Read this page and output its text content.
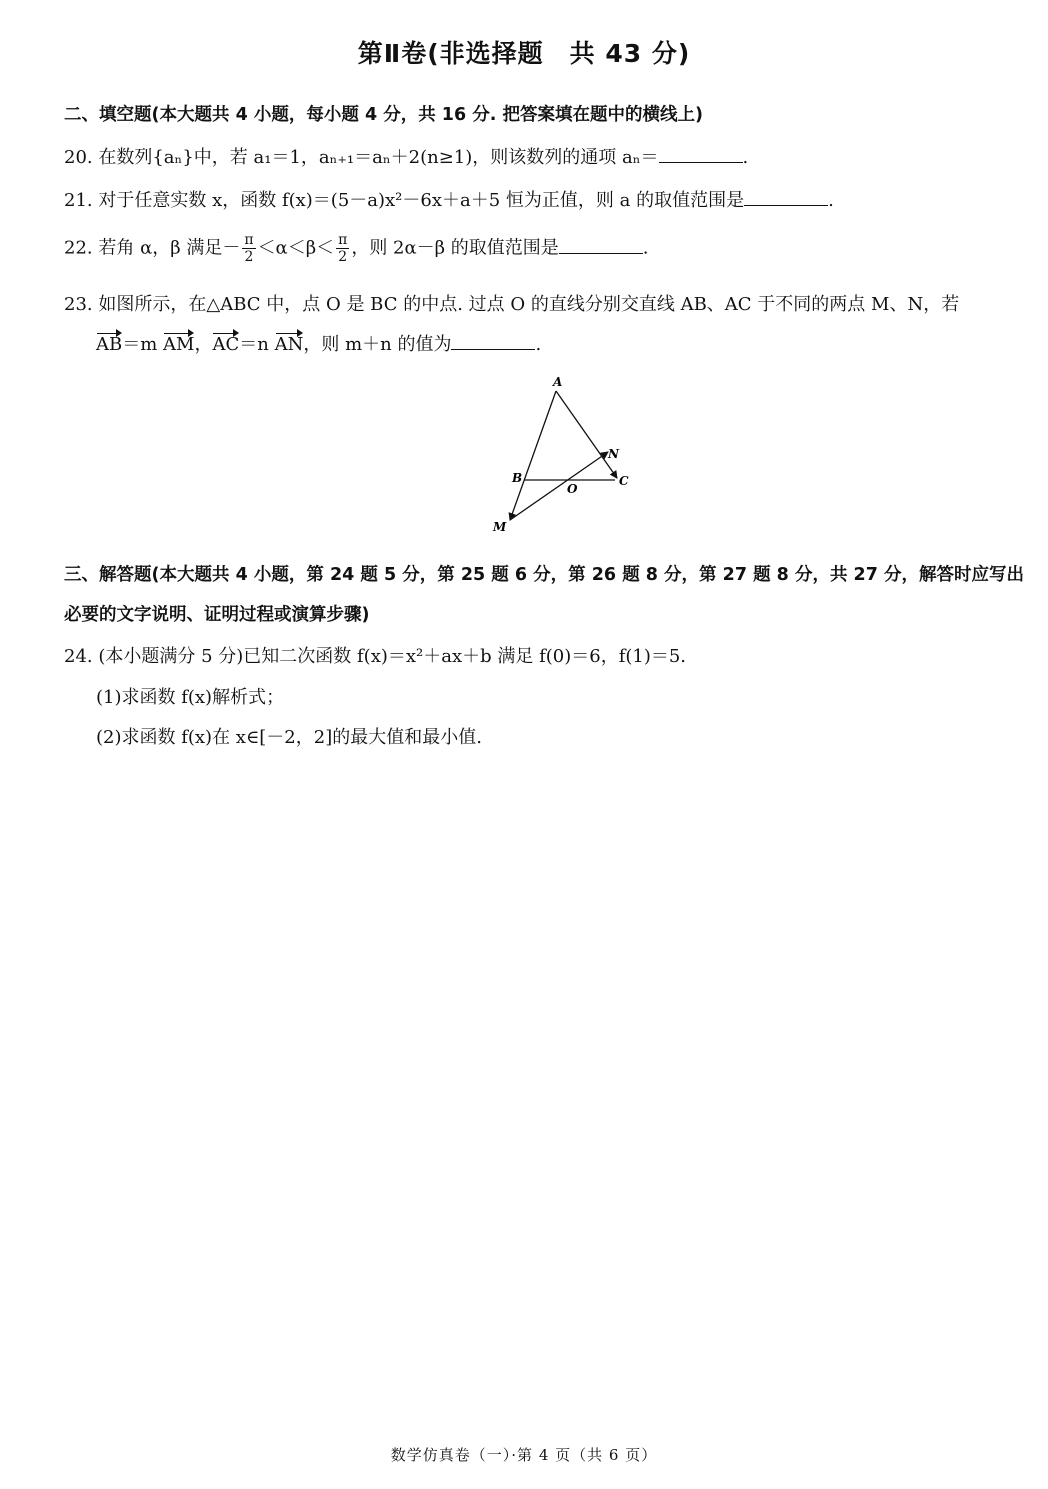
第Ⅱ卷(非选择题　共 43 分)
二、填空题(本大题共 4 小题，每小题 4 分，共 16 分. 把答案填在题中的横线上)
20. 在数列{aₙ}中，若 a₁＝1，aₙ₊₁＝aₙ＋2(n≥1)，则该数列的通项 aₙ＝	.
21. 对于任意实数 x，函数 f(x)＝(5－a)x²－6x＋a＋5 恒为正值，则 a 的取值范围是	.
22. 若角 α，β 满足－ $\frac{\pi}{2} <\alpha<\beta< \frac{\pi}{2}$ ，则 2α－β 的取值范围是	.
23. 如图所示，在△ABC 中，点 O 是 BC 的中点. 过点 O 的直线分别交直线 AB、AC 于不同的两点 M、N，若
AB＝m AM，AC＝n AN，则 m＋n 的值为	.
A
B	C
O
M
N
三、解答题(本大题共 4 小题，第 24 题 5 分，第 25 题 6 分，第 26 题 8 分，第 27 题 8 分，共 27 分，解答时应写出
必要的文字说明、证明过程或演算步骤)
24. (本小题满分 5 分)已知二次函数 f(x)＝x²＋ax＋b 满足 f(0)＝6，f(1)＝5.
(1)求函数 f(x)解析式；
(2)求函数 f(x)在 x∈[－2，2]的最大值和最小值.
数学仿真卷（一）·第 4 页（共 6 页）
